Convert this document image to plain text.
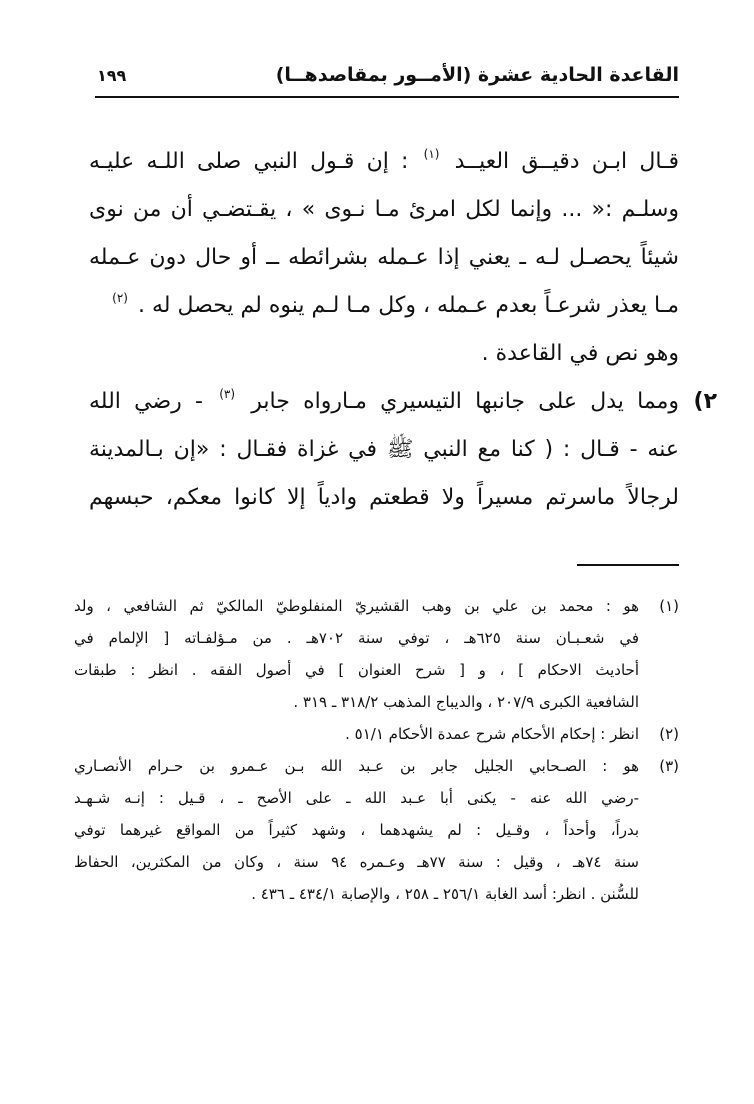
القاعدة الحادية عشرة (الأمــور بمقاصدهــا)
١٩٩
قـال ابـن دقيــق العيــد $^{(١)}$ : إن قـول النبي صلى اللـه عليـه
وسلـم :« ... وإنما لكل امرئ مـا نـوى » ، يقـتضـي أن من نوى
شيئاً يحصـل لـه ـ يعني إذا عـمله بشرائطه ــ أو حال دون عـمله
مـا يعذر شرعـاً بعدم عـمله ، وكل مـا لـم ينوه لم يحصل له . $^{(٢)}$
وهو نص في القاعدة .
٢)
ومما يدل على جانبها التيسيري مـارواه جابر $^{(٣)}$ - رضي الله
عنه - قـال : ( كنا مع النبي ﷺ في غزاة فقـال : «إن بـالمدينة
لرجالاً ماسرتم مسيراً ولا قطعتم وادياً إلا كانوا معكم، حبسهم
(١)
هو : محمد بن علي بن وهب القشيريّ المنفلوطيّ المالكيّ ثم الشافعي ، ولد
في شعـبـان سنة ٦٢٥هـ ، توفي سنة ٧٠٢هـ . من مـؤلفـاته [ الإلمام في
أحاديث الاحكام ] ، و [ شرح العنوان ] في أصول الفقه . انظر : طبقات
الشافعية الكبرى ٢٠٧/٩ ، والديباج المذهب ٣١٨/٢ ـ ٣١٩ .
(٢)
انظر : إحكام الأحكام شرح عمدة الأحكام ٥١/١ .
(٣)
هو : الصـحابي الجليل جابر بن عـبد الله بـن عـمرو بن حـرام الأنصـاري
-رضي الله عنه - يكنى أبا عـبد الله ـ على الأصح ـ ، قـيل : إنـه شـهـد
بدراً، وأحداً ، وقـيل : لم يشهدهما ، وشهد كثيراً من المواقع غيرهما توفي
سنة ٧٤هـ ، وقيل : سنة ٧٧هـ وعـمره ٩٤ سنة ، وكان من المكثرين، الحفاظ
للسُّنن . انظر: أسد الغابة ٢٥٦/١ ـ ٢٥٨ ، والإصابة ٤٣٤/١ ـ ٤٣٦ .
